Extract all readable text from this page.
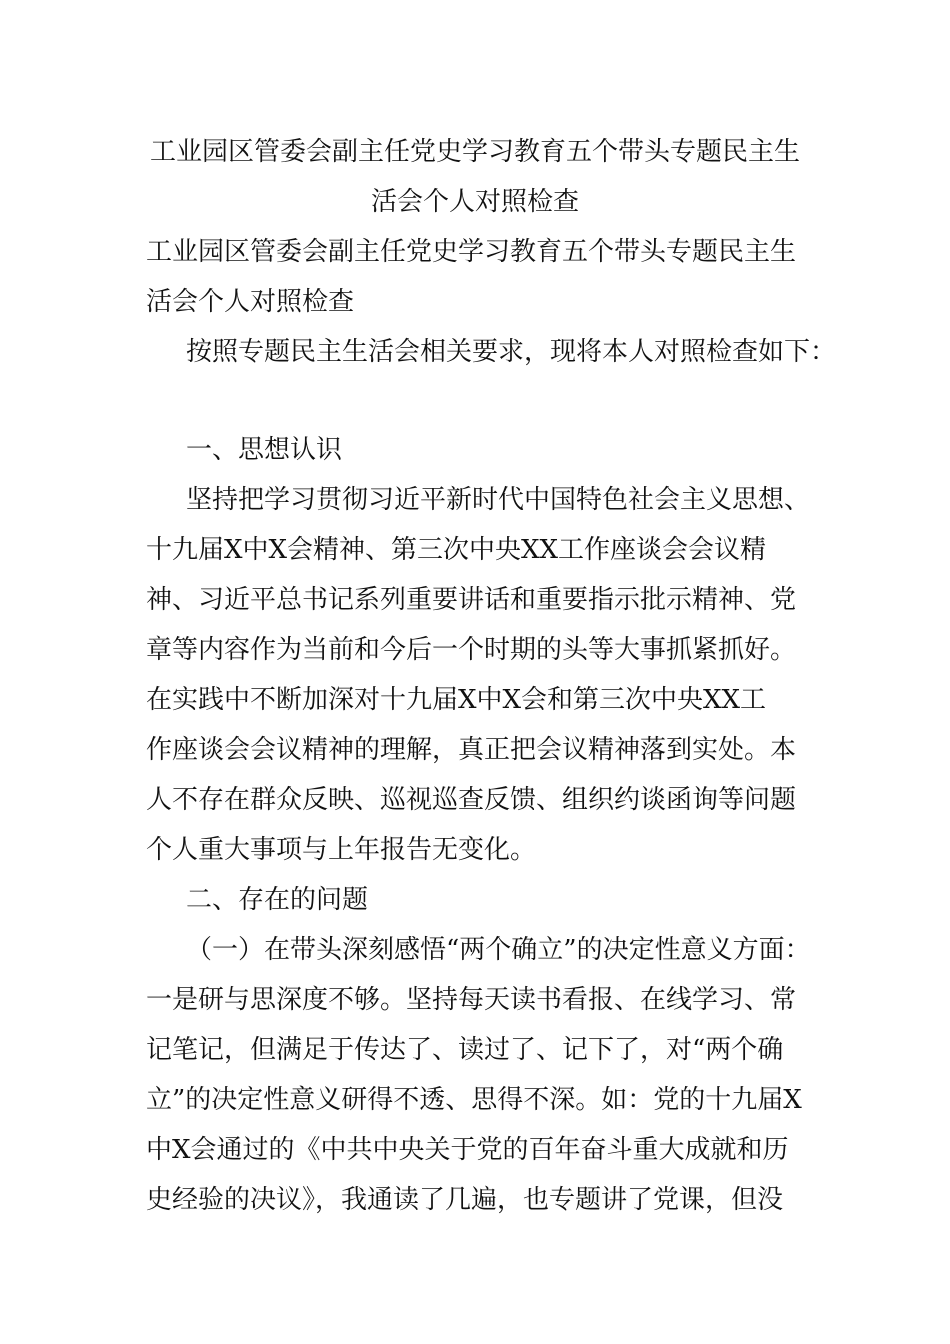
工业园区管委会副主任党史学习教育五个带头专题民主生
活会个人对照检查
工业园区管委会副主任党史学习教育五个带头专题民主生
活会个人对照检查
按照专题民主生活会相关要求，现将本人对照检查如下：
一、思想认识
坚持把学习贯彻习近平新时代中国特色社会主义思想、
十九届X中X会精神、第三次中央XX工作座谈会会议精
神、习近平总书记系列重要讲话和重要指示批示精神、党
章等内容作为当前和今后一个时期的头等大事抓紧抓好。
在实践中不断加深对十九届X中X会和第三次中央XX工
作座谈会会议精神的理解，真正把会议精神落到实处。本
人不存在群众反映、巡视巡查反馈、组织约谈函询等问题
个人重大事项与上年报告无变化。
二、存在的问题
（一）在带头深刻感悟“两个确立”的决定性意义方面：
一是研与思深度不够。坚持每天读书看报、在线学习、常
记笔记，但满足于传达了、读过了、记下了，对“两个确
立”的决定性意义研得不透、思得不深。如：党的十九届X
中X会通过的《中共中央关于党的百年奋斗重大成就和历
史经验的决议》，我通读了几遍，也专题讲了党课，但没
